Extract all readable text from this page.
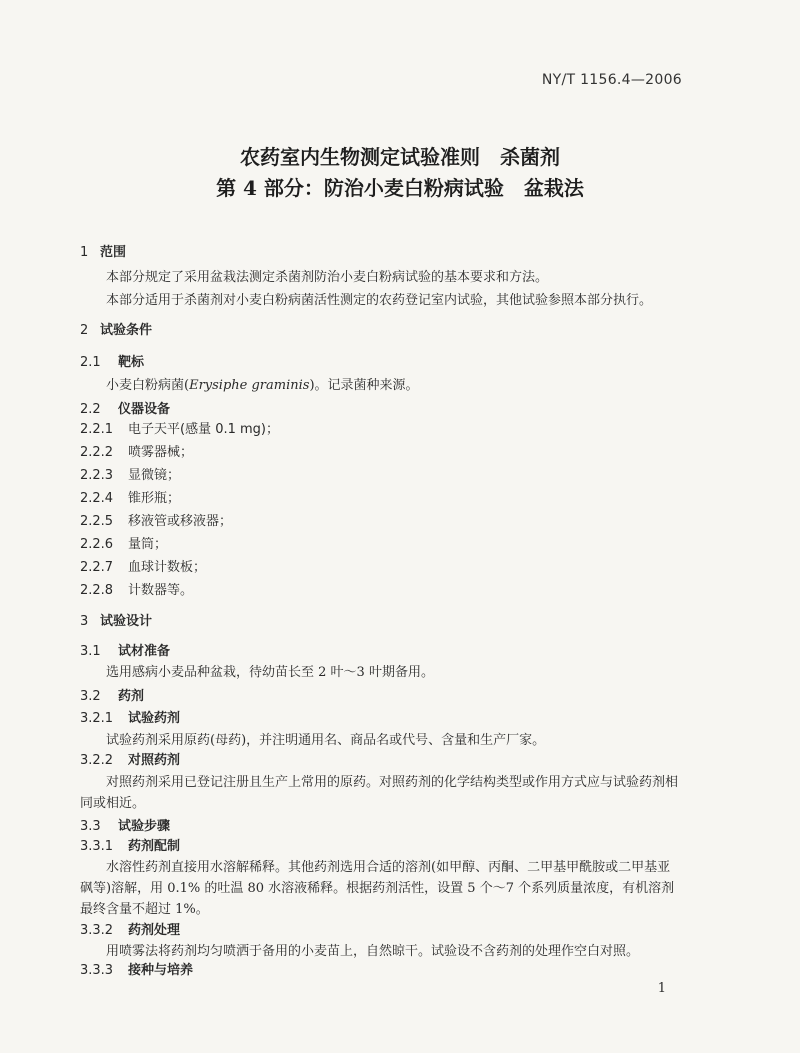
NY/T 1156.4—2006
农药室内生物测定试验准则　杀菌剂
第 4 部分：防治小麦白粉病试验　盆栽法
1 范围
本部分规定了采用盆栽法测定杀菌剂防治小麦白粉病试验的基本要求和方法。
本部分适用于杀菌剂对小麦白粉病菌活性测定的农药登记室内试验，其他试验参照本部分执行。
2 试验条件
2.1 靶标
小麦白粉病菌(Erysiphe graminis)。记录菌种来源。
2.2 仪器设备
2.2.1 电子天平(感量 0.1 mg)；
2.2.2 喷雾器械；
2.2.3 显微镜；
2.2.4 锥形瓶；
2.2.5 移液管或移液器；
2.2.6 量筒；
2.2.7 血球计数板；
2.2.8 计数器等。
3 试验设计
3.1 试材准备
选用感病小麦品种盆栽，待幼苗长至 2 叶～3 叶期备用。
3.2 药剂
3.2.1 试验药剂
试验药剂采用原药(母药)，并注明通用名、商品名或代号、含量和生产厂家。
3.2.2 对照药剂
对照药剂采用已登记注册且生产上常用的原药。对照药剂的化学结构类型或作用方式应与试验药剂相同或相近。
3.3 试验步骤
3.3.1 药剂配制
水溶性药剂直接用水溶解稀释。其他药剂选用合适的溶剂(如甲醇、丙酮、二甲基甲酰胺或二甲基亚砜等)溶解，用 0.1% 的吐温 80 水溶液稀释。根据药剂活性，设置 5 个～7 个系列质量浓度，有机溶剂最终含量不超过 1%。
3.3.2 药剂处理
用喷雾法将药剂均匀喷洒于备用的小麦苗上，自然晾干。试验设不含药剂的处理作空白对照。
3.3.3 接种与培养
1
